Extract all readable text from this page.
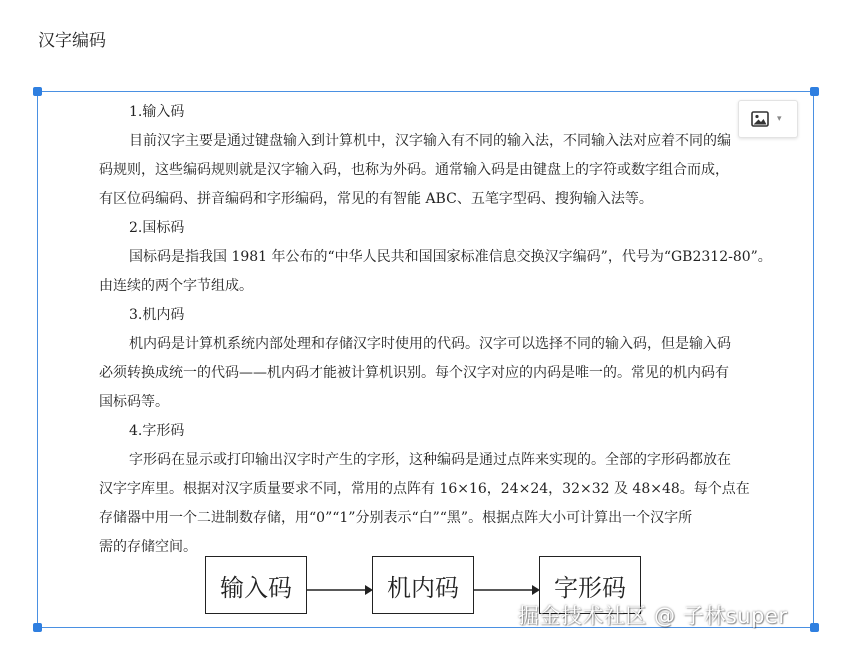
汉字编码
1.输入码
目前汉字主要是通过键盘输入到计算机中，汉字输入有不同的输入法，不同输入法对应着不同的编
码规则，这些编码规则就是汉字输入码，也称为外码。通常输入码是由键盘上的字符或数字组合而成，
有区位码编码、拼音编码和字形编码，常见的有智能 ABC、五笔字型码、搜狗输入法等。
2.国标码
国标码是指我国 1981 年公布的“中华人民共和国国家标准信息交换汉字编码”，代号为“GB2312-80”。
由连续的两个字节组成。
3.机内码
机内码是计算机系统内部处理和存储汉字时使用的代码。汉字可以选择不同的输入码，但是输入码
必须转换成统一的代码——机内码才能被计算机识别。每个汉字对应的内码是唯一的。常见的机内码有
国标码等。
4.字形码
字形码在显示或打印输出汉字时产生的字形，这种编码是通过点阵来实现的。全部的字形码都放在
汉字字库里。根据对汉字质量要求不同，常用的点阵有 16×16，24×24，32×32 及 48×48。每个点在
存储器中用一个二进制数存储，用“0”“1”分别表示“白”“黑”。根据点阵大小可计算出一个汉字所
需的存储空间。
输入码	机内码	字形码
▾
掘金技术社区 @ 子林super
